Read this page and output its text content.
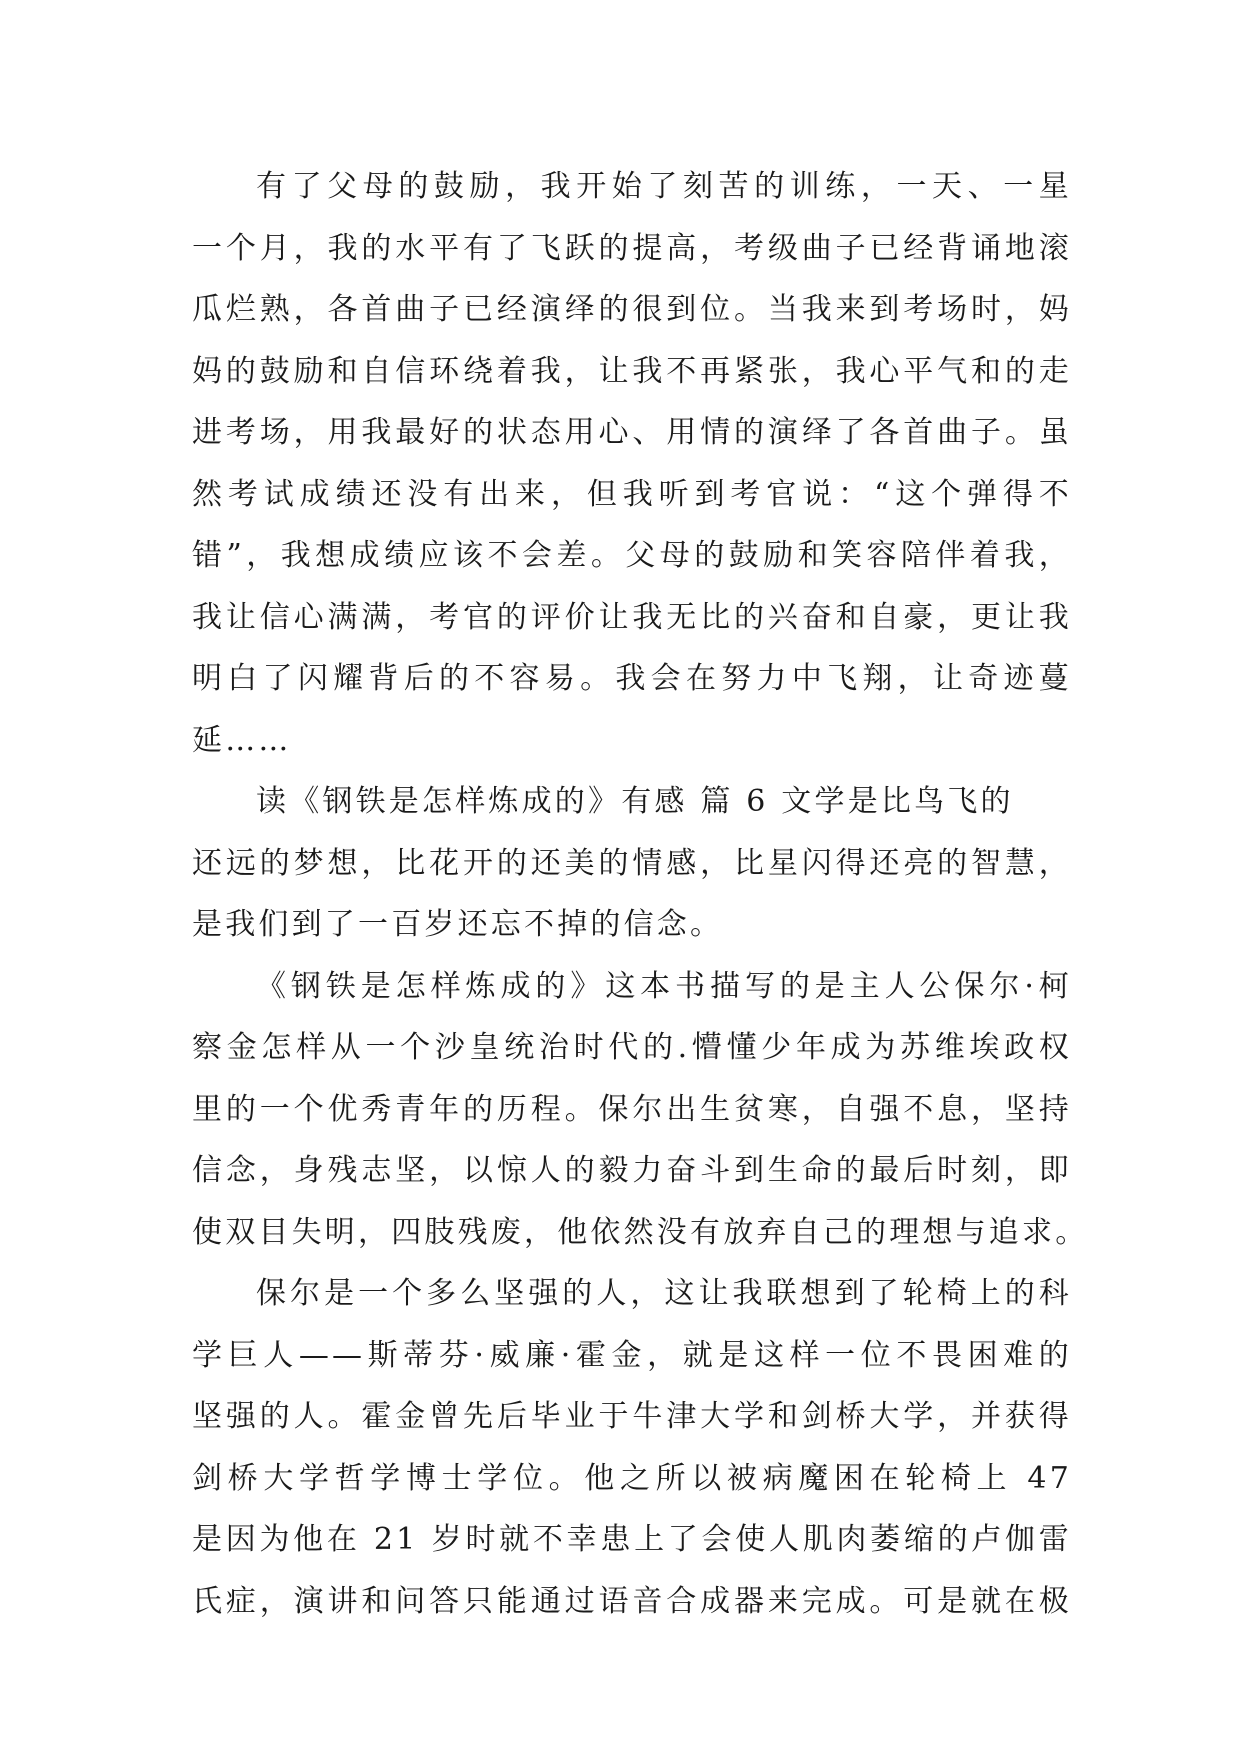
有了父母的鼓励，我开始了刻苦的训练，一天、一星
一个月，我的水平有了飞跃的提高，考级曲子已经背诵地滚
瓜烂熟，各首曲子已经演绎的很到位。当我来到考场时，妈
妈的鼓励和自信环绕着我，让我不再紧张，我心平气和的走
进考场，用我最好的状态用心、用情的演绎了各首曲子。虽
然考试成绩还没有出来，但我听到考官说：“这个弹得不
错”，我想成绩应该不会差。父母的鼓励和笑容陪伴着我，
我让信心满满，考官的评价让我无比的兴奋和自豪，更让我
明白了闪耀背后的不容易。我会在努力中飞翔，让奇迹蔓
延……
读《钢铁是怎样炼成的》有感 篇 6 文学是比鸟飞的
还远的梦想，比花开的还美的情感，比星闪得还亮的智慧，
是我们到了一百岁还忘不掉的信念。
《钢铁是怎样炼成的》这本书描写的是主人公保尔·柯
察金怎样从一个沙皇统治时代的.懵懂少年成为苏维埃政权
里的一个优秀青年的历程。保尔出生贫寒，自强不息，坚持
信念，身残志坚，以惊人的毅力奋斗到生命的最后时刻，即
使双目失明，四肢残废，他依然没有放弃自己的理想与追求。
保尔是一个多么坚强的人，这让我联想到了轮椅上的科
学巨人——斯蒂芬·威廉·霍金，就是这样一位不畏困难的
坚强的人。霍金曾先后毕业于牛津大学和剑桥大学，并获得
剑桥大学哲学博士学位。他之所以被病魔困在轮椅上 47
是因为他在 21 岁时就不幸患上了会使人肌肉萎缩的卢伽雷
氏症，演讲和问答只能通过语音合成器来完成。可是就在极
